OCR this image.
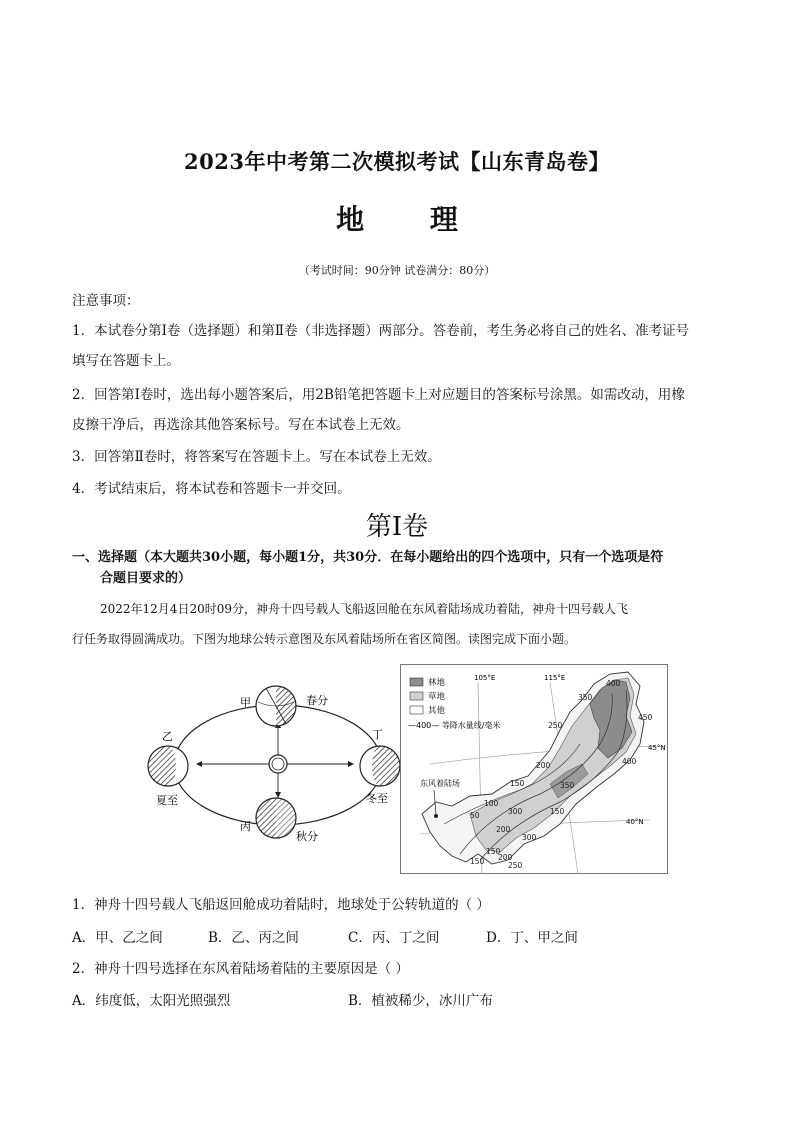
2023年中考第二次模拟考试【山东青岛卷】
地 理
（考试时间：90分钟 试卷满分：80分）
注意事项：
1．本试卷分第Ⅰ卷（选择题）和第Ⅱ卷（非选择题）两部分。答卷前，考生务必将自己的姓名、准考证号
填写在答题卡上。
2．回答第Ⅰ卷时，选出每小题答案后，用2B铅笔把答题卡上对应题目的答案标号涂黑。如需改动，用橡
皮擦干净后，再选涂其他答案标号。写在本试卷上无效。
3．回答第Ⅱ卷时，将答案写在答题卡上。写在本试卷上无效。
4．考试结束后，将本试卷和答题卡一并交回。
第Ⅰ卷
一、选择题（本大题共30小题，每小题1分，共30分．在每小题给出的四个选项中，只有一个选项是符
合题目要求的）
2022年12月4日20时09分，神舟十四号载人飞船返回舱在东风着陆场成功着陆，神舟十四号载人飞
行任务取得圆满成功。下图为地球公转示意图及东风着陆场所在省区简图。读图完成下面小题。
甲	春分
乙
夏至
丁
冬至
丙
秋分
林地
草地
其他
—400— 等降水量线/毫米
105°E	115°E
45°N
40°N
东风着陆场
400
350
450
250
200
150
50
100
300	150
400
350
200
300
150
150
200
250
1．神舟十四号载人飞船返回舱成功着陆时，地球处于公转轨道的（ ）
A．甲、乙之间	B．乙、丙之间	C．丙、丁之间	D．丁、甲之间
2．神舟十四号选择在东风着陆场着陆的主要原因是（ ）
A．纬度低，太阳光照强烈	B．植被稀少，冰川广布
